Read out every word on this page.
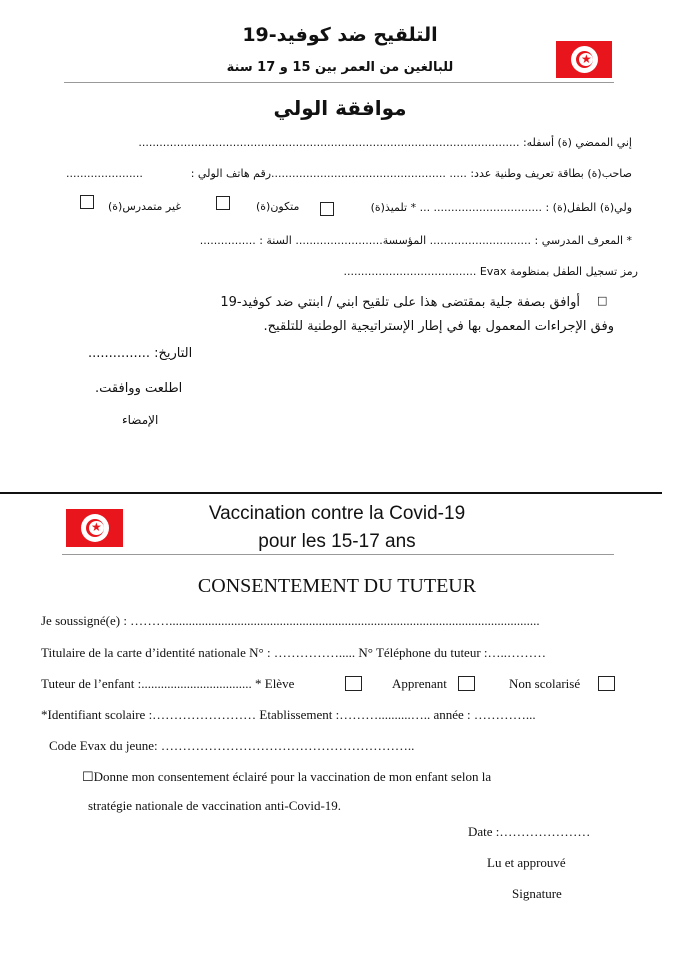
التلقيح ضد كوفيد-19
للبالغين من العمر بين 15 و 17 سنة
★
موافقة الولي
إني الممضي (ة) أسفله: .............................................................................................................
صاحب(ة) بطاقة تعريف وطنية عدد: ..... ..................................................رقم هاتف الولي :
......................
ولي(ة) الطفل(ة) : ............................... ... * تلميذ(ة)
متكون(ة)
غير متمدرس(ة)
* المعرف المدرسي : ............................. المؤسسة......................... السنة : ................
رمز تسجيل الطفل بمنظومة Evax ......................................
□
أوافق بصفة جلية بمقتضى هذا على تلقيح ابني / ابنتي ضد كوفيد-19
وفق الإجراءات المعمول بها في إطار الإستراتيجية الوطنية للتلقيح.
التاريخ: ...............
اطلعت ووافقت.
الإمضاء
★
Vaccination contre la Covid-19
pour les 15-17 ans
CONSENTEMENT DU TUTEUR
Je soussigné(e) : ………..................................................................................................................
Titulaire de la carte d’identité nationale N° : ……………..... N° Téléphone du tuteur :…..………
Tuteur de l’enfant :.................................. * Elève	Apprenant	Non scolarisé
*Identifiant scolaire :…………………… Etablissement :………..........….. année : …………...
Code Evax du jeune: …………………………………………………..
☐Donne mon consentement éclairé pour la vaccination de mon enfant selon la
stratégie nationale de vaccination anti-Covid-19.
Date :…………………
Lu et approuvé
Signature
